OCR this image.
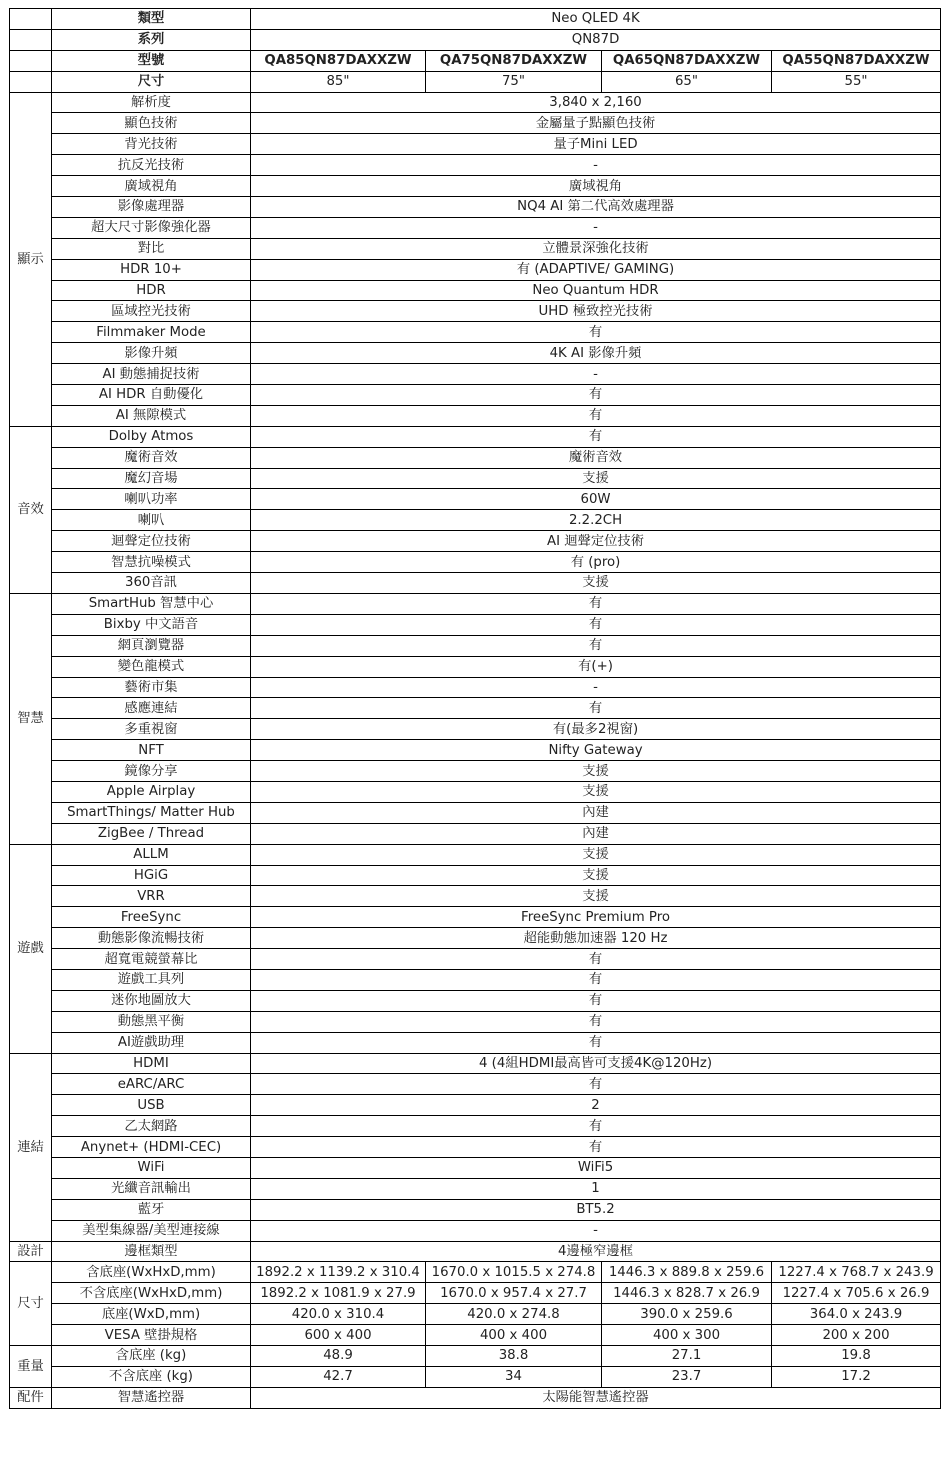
	類型	Neo QLED 4K			
	系列	QN87D			
	型號	QA85QN87DAXXZW	QA75QN87DAXXZW	QA65QN87DAXXZW	QA55QN87DAXXZW
	尺寸	85"	75"	65"	55"
顯示	解析度	3,840 x 2,160			
	顯色技術	金屬量子點顯色技術			
	背光技術	量子Mini LED			
	抗反光技術	-			
	廣域視角	廣域視角			
	影像處理器	NQ4 AI 第二代高效處理器			
	超大尺寸影像強化器	-			
	對比	立體景深強化技術			
	HDR 10+	有 (ADAPTIVE/ GAMING)			
	HDR	Neo Quantum HDR			
	區域控光技術	UHD 極致控光技術			
	Filmmaker Mode	有			
	影像升頻	4K AI 影像升頻			
	AI 動態捕捉技術	-			
	AI HDR 自動優化	有			
	AI 無隙模式	有			
音效	Dolby Atmos	有			
	魔術音效	魔術音效			
	魔幻音場	支援			
	喇叭功率	60W			
	喇叭	2.2.2CH			
	迴聲定位技術	AI 迴聲定位技術			
	智慧抗噪模式	有 (pro)			
	360音訊	支援			
智慧	SmartHub 智慧中心	有			
	Bixby 中文語音	有			
	網頁瀏覽器	有			
	變色龍模式	有(+)			
	藝術市集	-			
	感應連結	有			
	多重視窗	有(最多2視窗)			
	NFT	Nifty Gateway			
	鏡像分享	支援			
	Apple Airplay	支援			
	SmartThings/ Matter Hub	內建			
	ZigBee / Thread	內建			
遊戲	ALLM	支援			
	HGiG	支援			
	VRR	支援			
	FreeSync	FreeSync Premium Pro			
	動態影像流暢技術	超能動態加速器 120 Hz			
	超寬電競螢幕比	有			
	遊戲工具列	有			
	迷你地圖放大	有			
	動態黑平衡	有			
	AI遊戲助理	有			
連結	HDMI	4 (4組HDMI最高皆可支援4K@120Hz)			
	eARC/ARC	有			
	USB	2			
	乙太網路	有			
	Anynet+ (HDMI-CEC)	有			
	WiFi	WiFi5			
	光纖音訊輸出	1			
	藍牙	BT5.2			
	美型集線器/美型連接線	-			
設計	邊框類型	4邊極窄邊框			
尺寸	含底座(WxHxD,mm)	1892.2 x 1139.2 x 310.4	1670.0 x 1015.5 x 274.8	1446.3 x 889.8 x 259.6	1227.4 x 768.7 x 243.9
	不含底座(WxHxD,mm)	1892.2 x 1081.9 x 27.9	1670.0 x 957.4 x 27.7	1446.3 x 828.7 x 26.9	1227.4 x 705.6 x 26.9
	底座(WxD,mm)	420.0 x 310.4	420.0 x 274.8	390.0 x 259.6	364.0 x 243.9
	VESA 壁掛規格	600 x 400	400 x 400	400 x 300	200 x 200
重量	含底座 (kg)	48.9	38.8	27.1	19.8
	不含底座 (kg)	42.7	34	23.7	17.2
配件	智慧遙控器	太陽能智慧遙控器			
